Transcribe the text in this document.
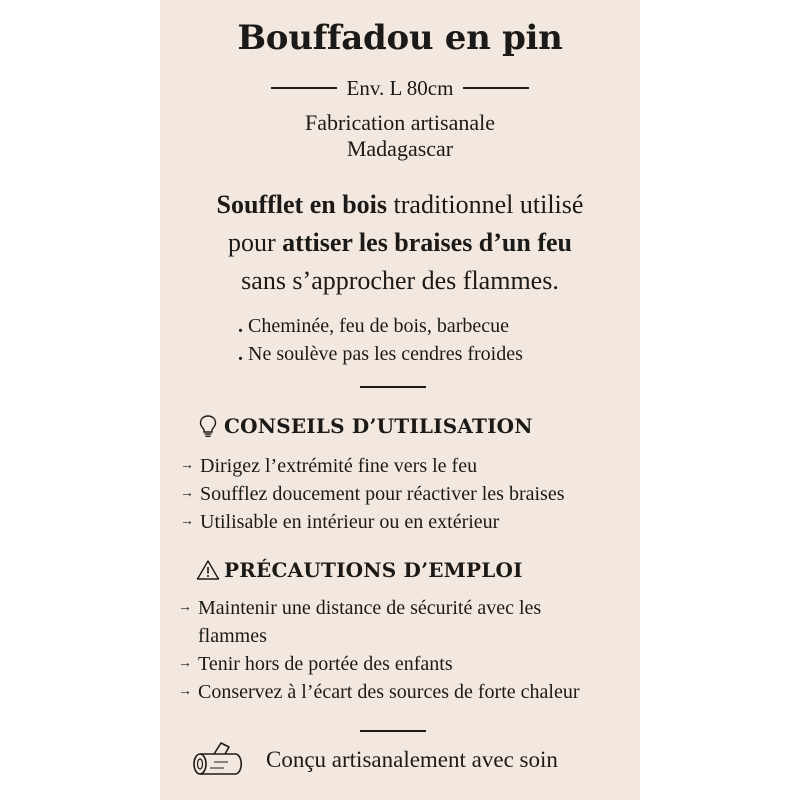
Bouffadou en pin
Env. L 80cm
Fabrication artisanale
Madagascar
Soufflet en bois traditionnel utilisé
pour attiser les braises d’un feu
sans s’approcher des flammes.
. Cheminée, feu de bois, barbecue
. Ne soulève pas les cendres froides
CONSEILS D’UTILISATION
→ Dirigez l’extrémité fine vers le feu
→ Soufflez doucement pour réactiver les braises
→ Utilisable en intérieur ou en extérieur
PRÉCAUTIONS D’EMPLOI
→ Maintenir une distance de sécurité avec les flammes
→ Tenir hors de portée des enfants
→ Conservez à l’écart des sources de forte chaleur
Conçu artisanalement avec soin
